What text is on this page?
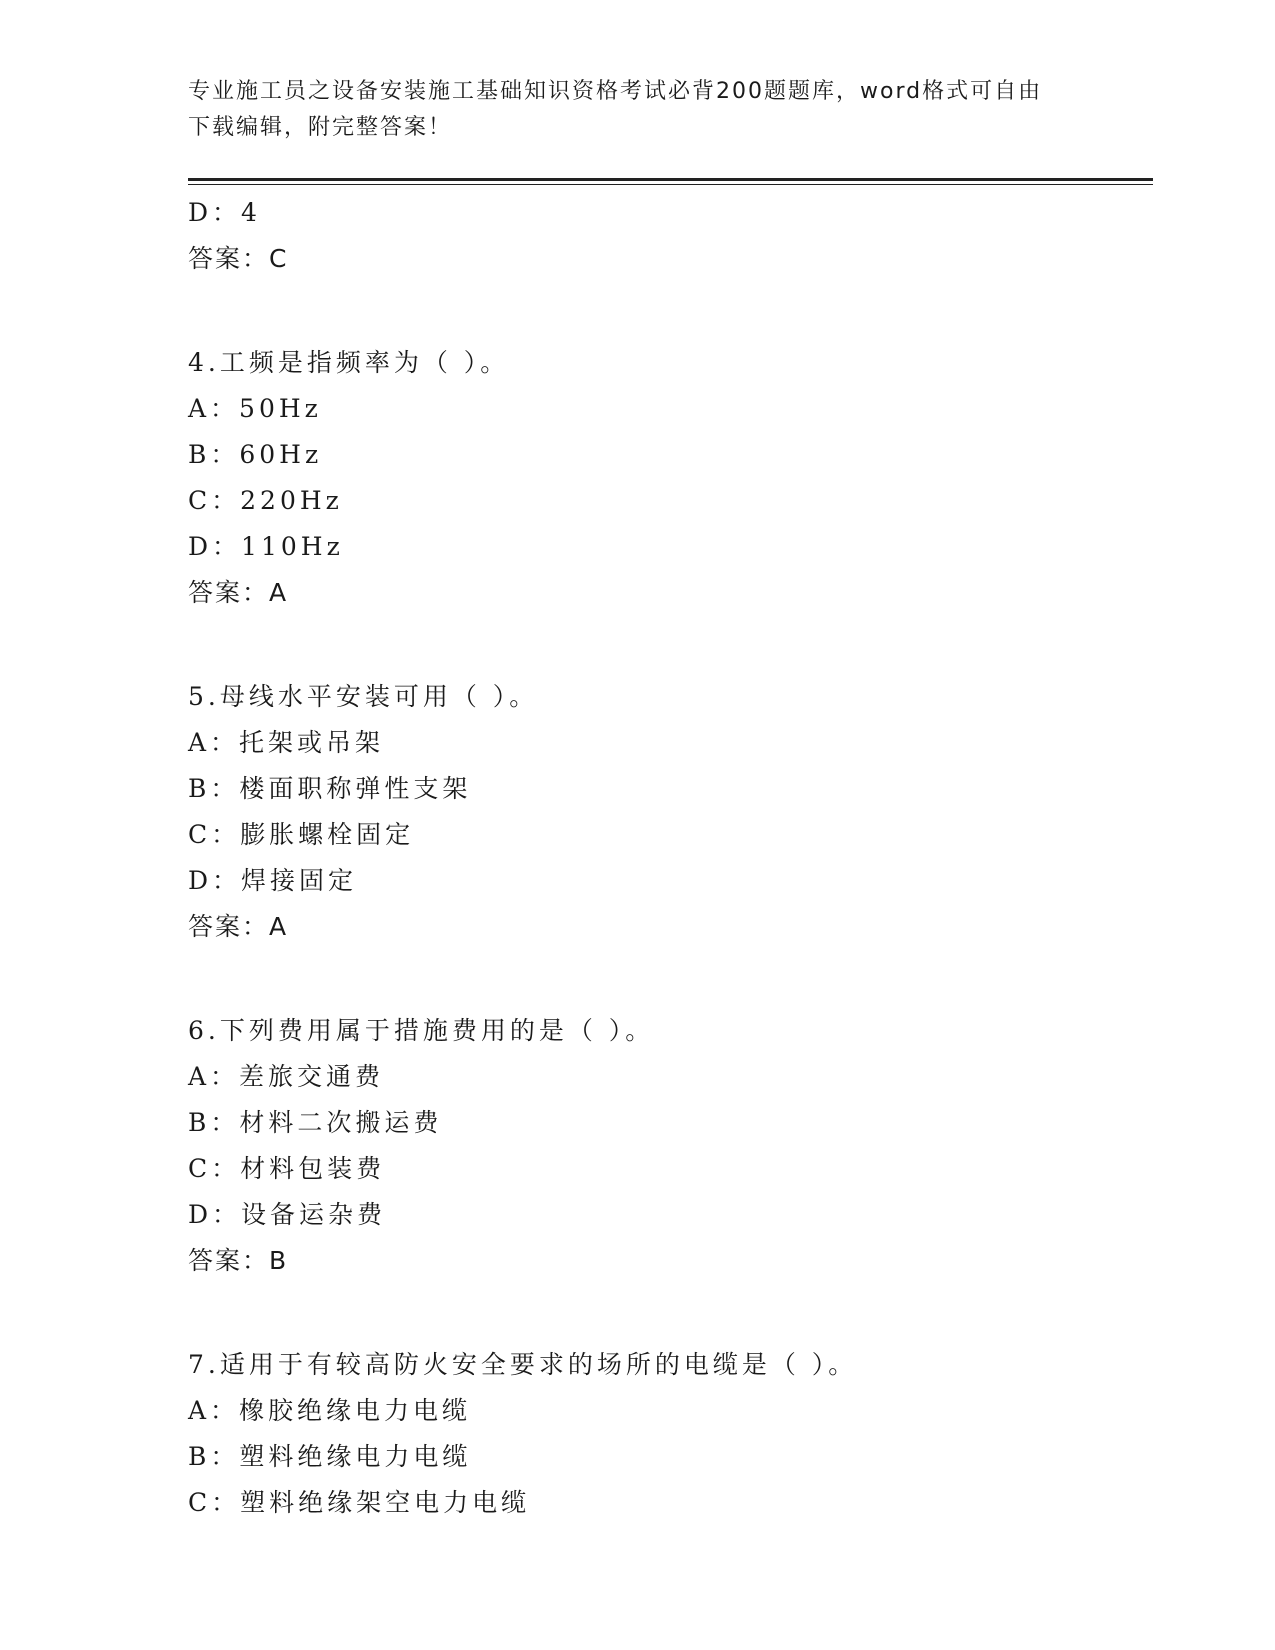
专业施工员之设备安装施工基础知识资格考试必背200题题库，word格式可自由
下载编辑，附完整答案！
D：4
答案：C
4.工频是指频率为（ ）。
A：50Hz
B：60Hz
C：220Hz
D：110Hz
答案：A
5.母线水平安装可用（ ）。
A：托架或吊架
B：楼面职称弹性支架
C：膨胀螺栓固定
D：焊接固定
答案：A
6.下列费用属于措施费用的是（ ）。
A：差旅交通费
B：材料二次搬运费
C：材料包装费
D：设备运杂费
答案：B
7.适用于有较高防火安全要求的场所的电缆是（ ）。
A：橡胶绝缘电力电缆
B：塑料绝缘电力电缆
C：塑料绝缘架空电力电缆
